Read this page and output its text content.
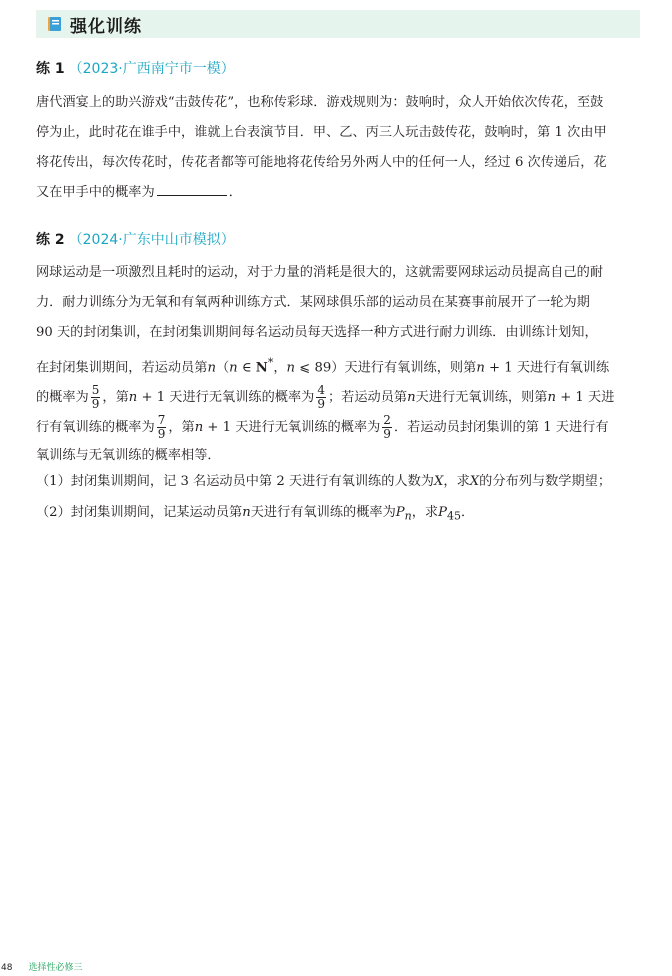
强化训练
练 1 （2023·广西南宁市一模）
唐代酒宴上的助兴游戏“击鼓传花”，也称传彩球．游戏规则为：鼓响时，众人开始依次传花，至鼓
停为止，此时花在谁手中，谁就上台表演节目．甲、乙、丙三人玩击鼓传花，鼓响时，第 1 次由甲
将花传出，每次传花时，传花者都等可能地将花传给另外两人中的任何一人，经过 6 次传递后，花
又在甲手中的概率为	．
练 2 （2024·广东中山市模拟）
网球运动是一项激烈且耗时的运动，对于力量的消耗是很大的，这就需要网球运动员提高自己的耐
力．耐力训练分为无氧和有氧两种训练方式．某网球俱乐部的运动员在某赛事前展开了一轮为期
90 天的封闭集训，在封闭集训期间每名运动员每天选择一种方式进行耐力训练．由训练计划知，
在封闭集训期间，若运动员第n（n ∈ N*，n ⩽ 89）天进行有氧训练，则第n + 1 天进行有氧训练
的概率为 $\frac{5}{9}$ ，第n + 1 天进行无氧训练的概率为 $\frac{4}{9}$ ；若运动员第n天进行无氧训练，则第n + 1 天进
行有氧训练的概率为 $\frac{7}{9}$ ，第n + 1 天进行无氧训练的概率为 $\frac{2}{9}$ ．若运动员封闭集训的第 1 天进行有
氧训练与无氧训练的概率相等．
（1）封闭集训期间，记 3 名运动员中第 2 天进行有氧训练的人数为X，求X的分布列与数学期望；
（2）封闭集训期间，记某运动员第n天进行有氧训练的概率为$P_n$，求$P_{45}$．
48 选择性必修三
